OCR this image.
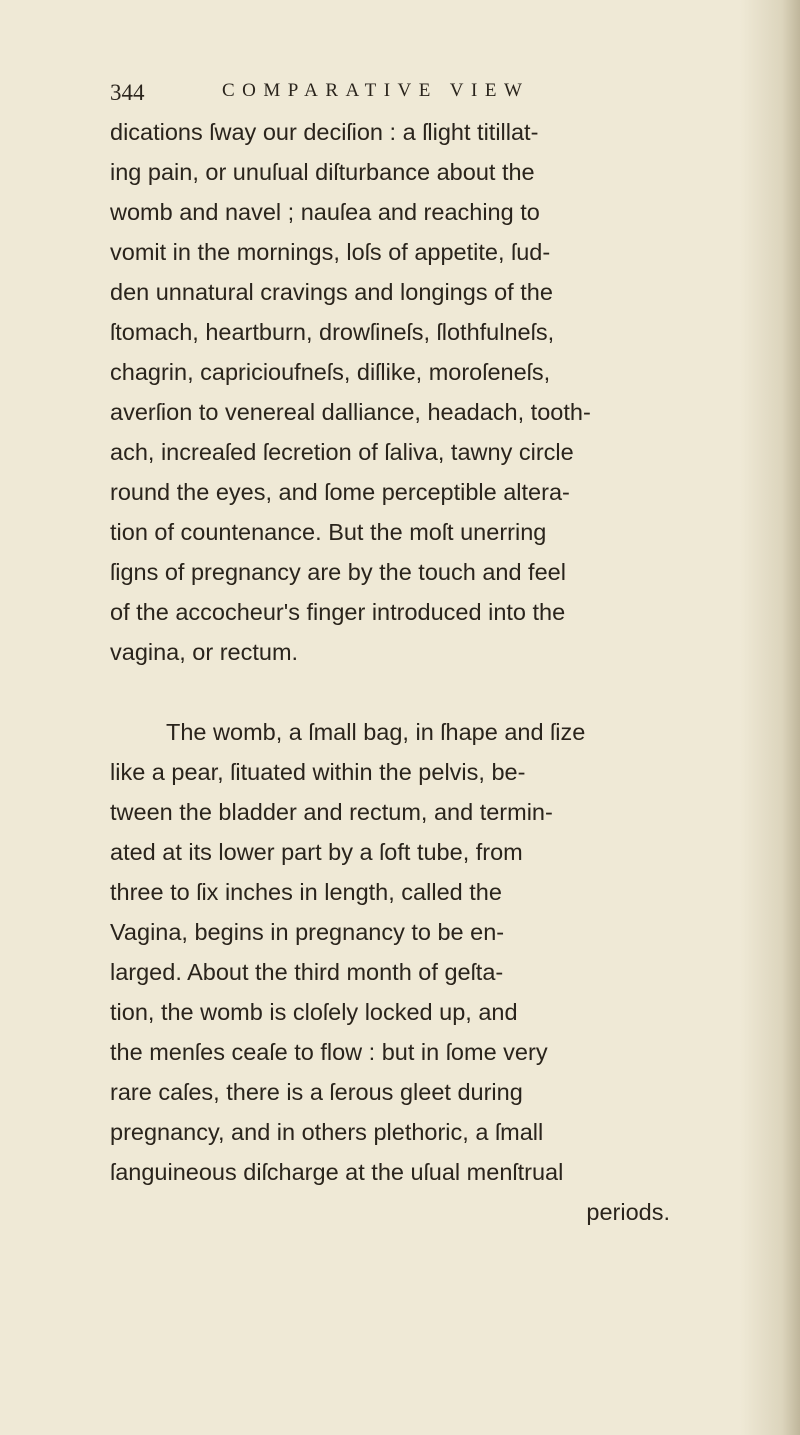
344	COMPARATIVE VIEW
dications ſway our deciſion : a ſlight titillat-
ing pain, or unuſual diſturbance about the
womb and navel ; nauſea and reaching to
vomit in the mornings, loſs of appetite, ſud-
den unnatural cravings and longings of the
ſtomach, heartburn, drowſineſs, ſlothfulneſs,
chagrin, capricioufneſs, diſlike, moroſeneſs,
averſion to venereal dalliance, headach, tooth-
ach, increaſed ſecretion of ſaliva, tawny circle
round the eyes, and ſome perceptible altera-
tion of countenance. But the moſt unerring
ſigns of pregnancy are by the touch and feel
of the accocheur's finger introduced into the
vagina, or rectum.
The womb, a ſmall bag, in ſhape and ſize
like a pear, ſituated within the pelvis, be-
tween the bladder and rectum, and termin-
ated at its lower part by a ſoft tube, from
three to ſix inches in length, called the
Vagina, begins in pregnancy to be en-
larged. About the third month of geſta-
tion, the womb is cloſely locked up, and
the menſes ceaſe to flow : but in ſome very
rare caſes, there is a ſerous gleet during
pregnancy, and in others plethoric, a ſmall
ſanguineous diſcharge at the uſual menſtrual
periods.
